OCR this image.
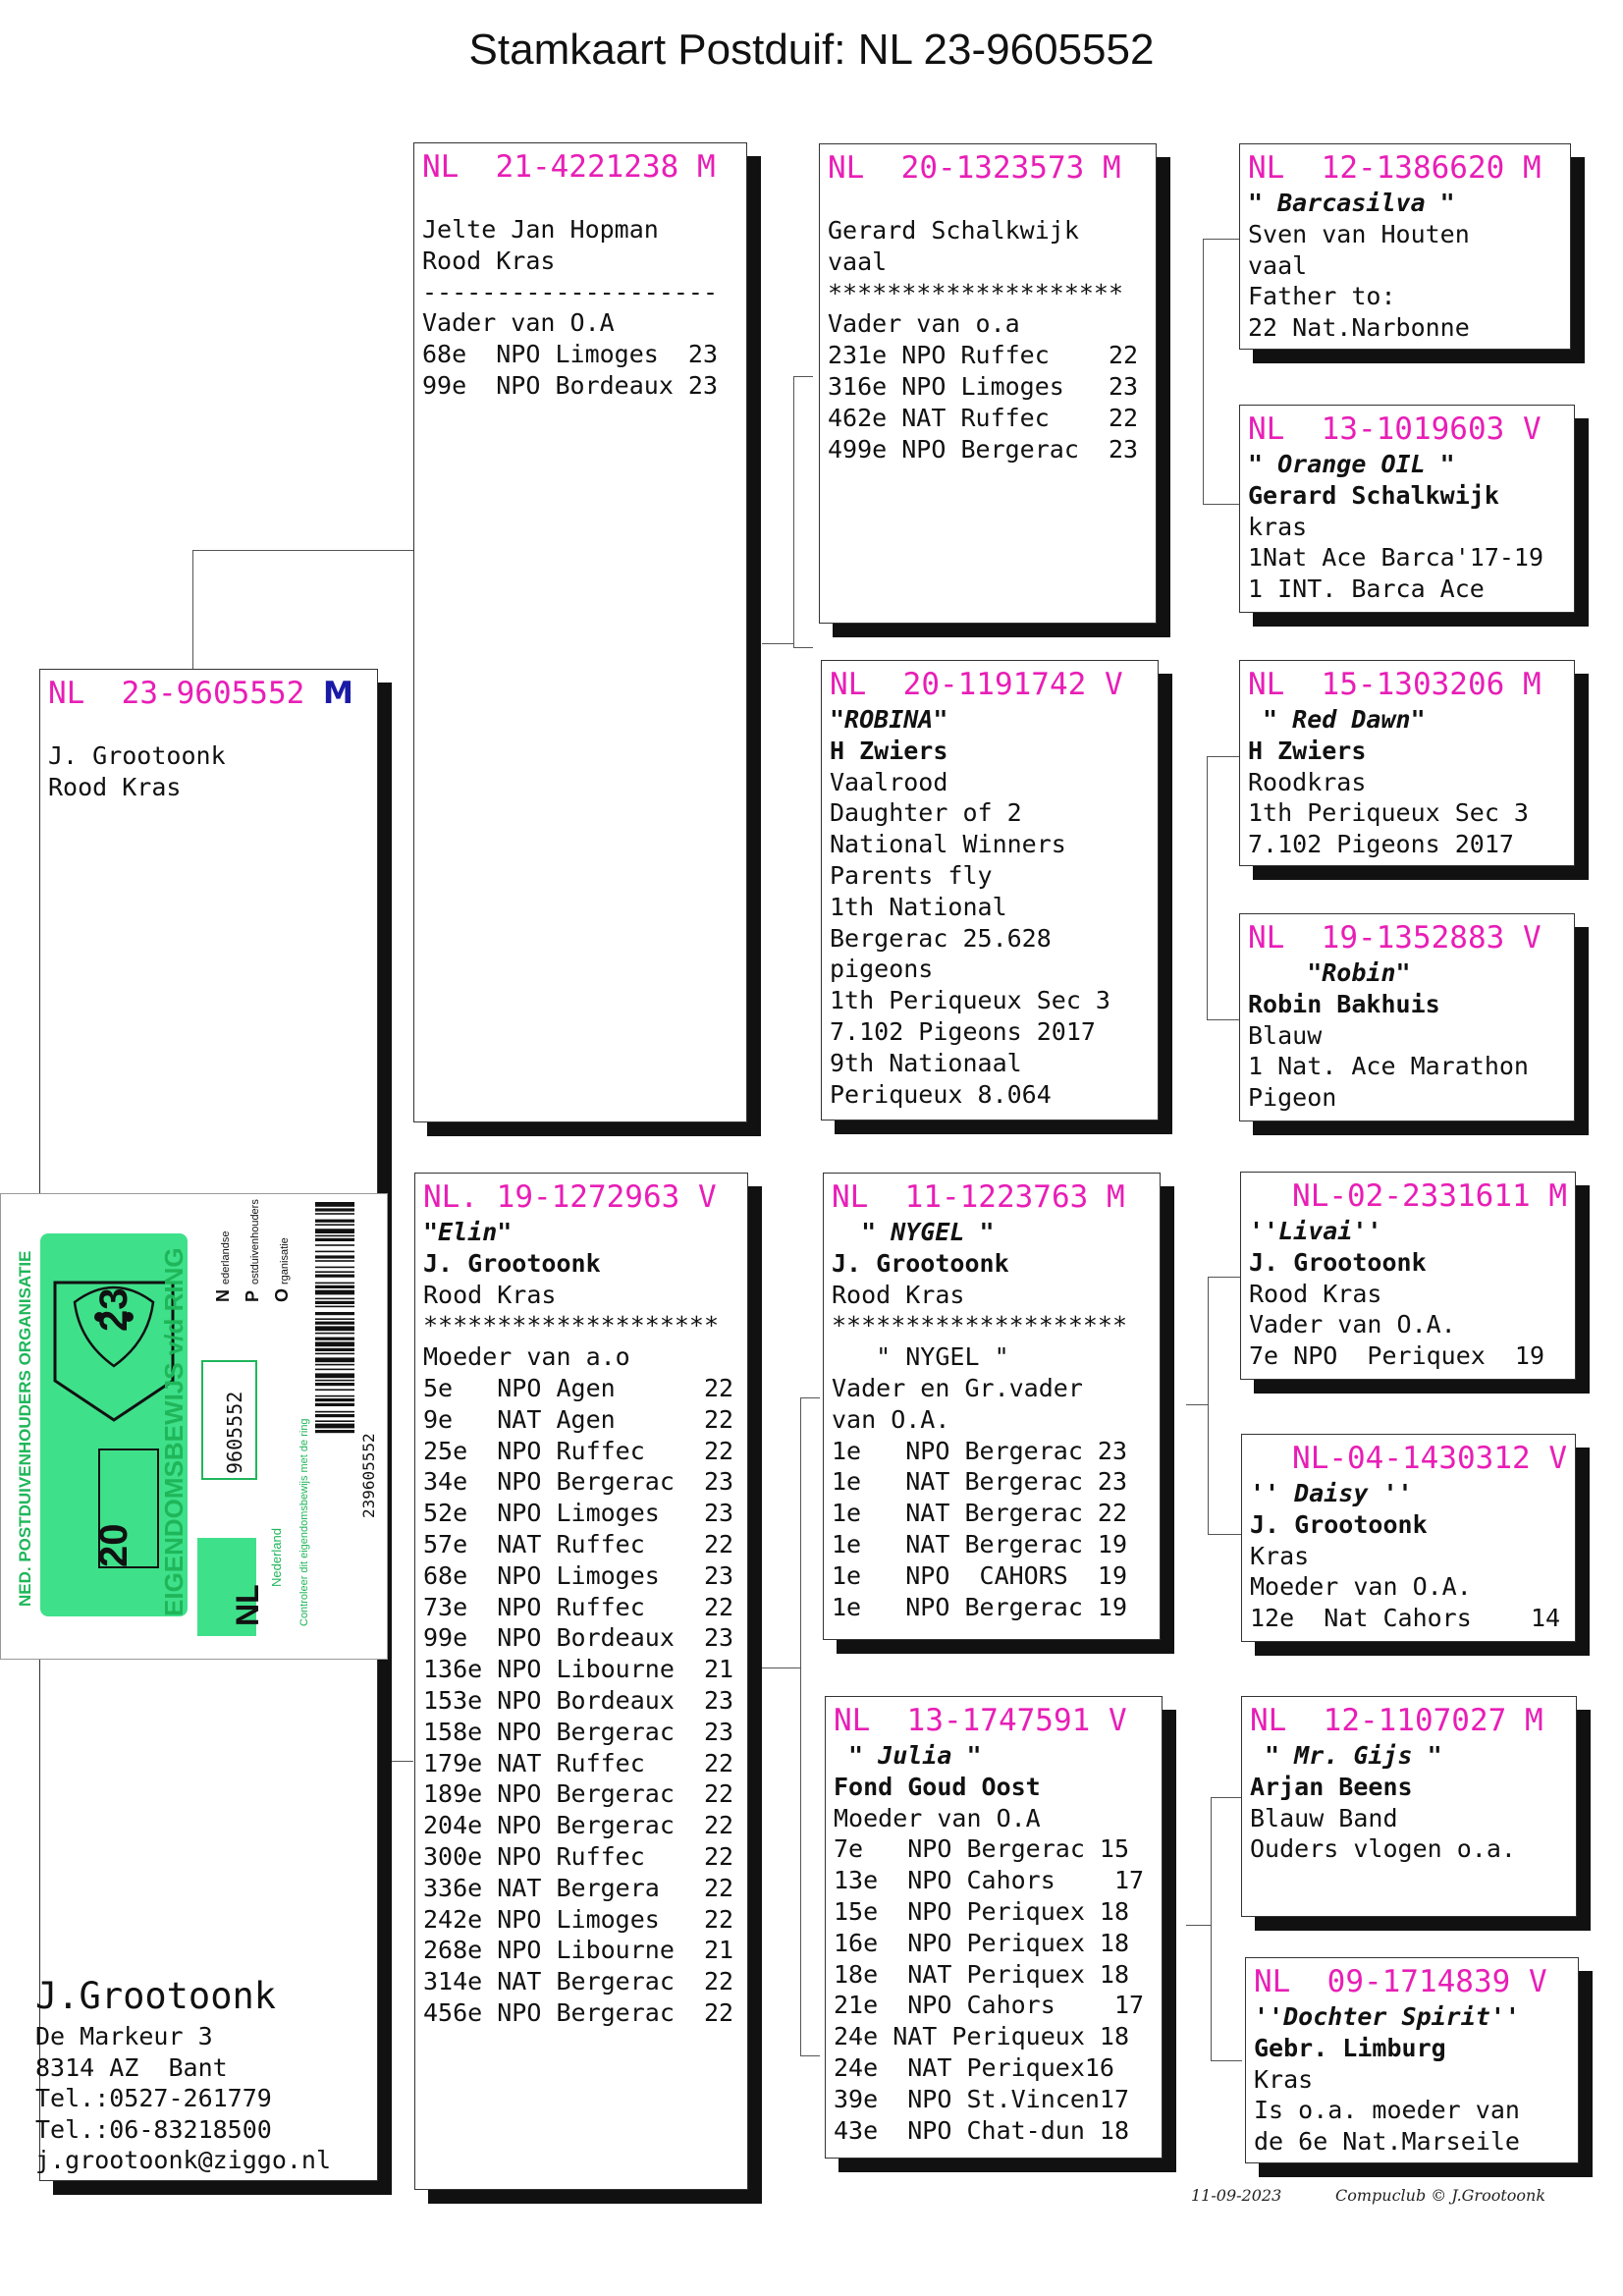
Stamkaart Postduif: NL 23-9605552
NL  23-9605552 M
J. Grootoonk
Rood Kras
NL  21-4221238 M
Jelte Jan Hopman
Rood Kras
--------------------
Vader van O.A
68e  NPO Limoges  23
99e  NPO Bordeaux 23
NL. 19-1272963 V
"Elin"
J. Grootoonk
Rood Kras
********************
Moeder van a.o
5e   NPO Agen      22
9e   NAT Agen      22
25e  NPO Ruffec    22
34e  NPO Bergerac  23
52e  NPO Limoges   23
57e  NAT Ruffec    22
68e  NPO Limoges   23
73e  NPO Ruffec    22
99e  NPO Bordeaux  23
136e NPO Libourne  21
153e NPO Bordeaux  23
158e NPO Bergerac  23
179e NAT Ruffec    22
189e NPO Bergerac  22
204e NPO Bergerac  22
300e NPO Ruffec    22
336e NAT Bergera   22
242e NPO Limoges   22
268e NPO Libourne  21
314e NAT Bergerac  22
456e NPO Bergerac  22
NL  20-1323573 M
Gerard Schalkwijk
vaal
********************
Vader van o.a
231e NPO Ruffec    22
316e NPO Limoges   23
462e NAT Ruffec    22
499e NPO Bergerac  23
NL  20-1191742 V
"ROBINA"
H Zwiers
Vaalrood
Daughter of 2
National Winners
Parents fly
1th National
Bergerac 25.628
pigeons
1th Periqueux Sec 3
7.102 Pigeons 2017
9th Nationaal
Periqueux 8.064
NL  11-1223763 M
" NYGEL "
J. Grootoonk
Rood Kras
********************
" NYGEL "
Vader en Gr.vader
van O.A.
1e   NPO Bergerac 23
1e   NAT Bergerac 23
1e   NAT Bergerac 22
1e   NAT Bergerac 19
1e   NPO  CAHORS  19
1e   NPO Bergerac 19
NL  13-1747591 V
" Julia "
Fond Goud Oost
Moeder van O.A
7e   NPO Bergerac 15
13e  NPO Cahors    17
15e  NPO Periquex 18
16e  NPO Periquex 18
18e  NAT Periquex 18
21e  NPO Cahors    17
24e NAT Periqueux 18
24e  NAT Periquex16
39e  NPO St.Vincen17
43e  NPO Chat-dun 18
NL  12-1386620 M
" Barcasilva "
Sven van Houten
vaal
Father to:
22 Nat.Narbonne
NL  13-1019603 V
" Orange OIL "
Gerard Schalkwijk
kras
1Nat Ace Barca'17-19
1 INT. Barca Ace
NL  15-1303206 M
" Red Dawn"
H Zwiers
Roodkras
1th Periqueux Sec 3
7.102 Pigeons 2017
NL  19-1352883 V
"Robin"
Robin Bakhuis
Blauw
1 Nat. Ace Marathon
Pigeon
NL-02-2331611 M
''Livai''
J. Grootoonk
Rood Kras
Vader van O.A.
7e NPO  Periquex  19
NL-04-1430312 V
'' Daisy ''
J. Grootoonk
Kras
Moeder van O.A.
12e  Nat Cahors    14
NL  12-1107027 M
" Mr. Gijs "
Arjan Beens
Blauw Band
Ouders vlogen o.a.
NL  09-1714839 V
''Dochter Spirit''
Gebr. Limburg
Kras
Is o.a. moeder van
de 6e Nat.Marseile
NED. POSTDUIVENHOUDERS ORGANISATIE	EIGENDOMSBEWIJS v/d RING
20
23
9605552
NL
Nederland Controleer dit eigendomsbewijs met de ring
N
ederlandse
P
ostduivenhouders
O
rganisatie
239605552
J.Grootoonk
De Markeur 3
8314 AZ  Bant
Tel.:0527-261779
Tel.:06-83218500
j.grootoonk@ziggo.nl
11-09-2023	Compuclub © J.Grootoonk
